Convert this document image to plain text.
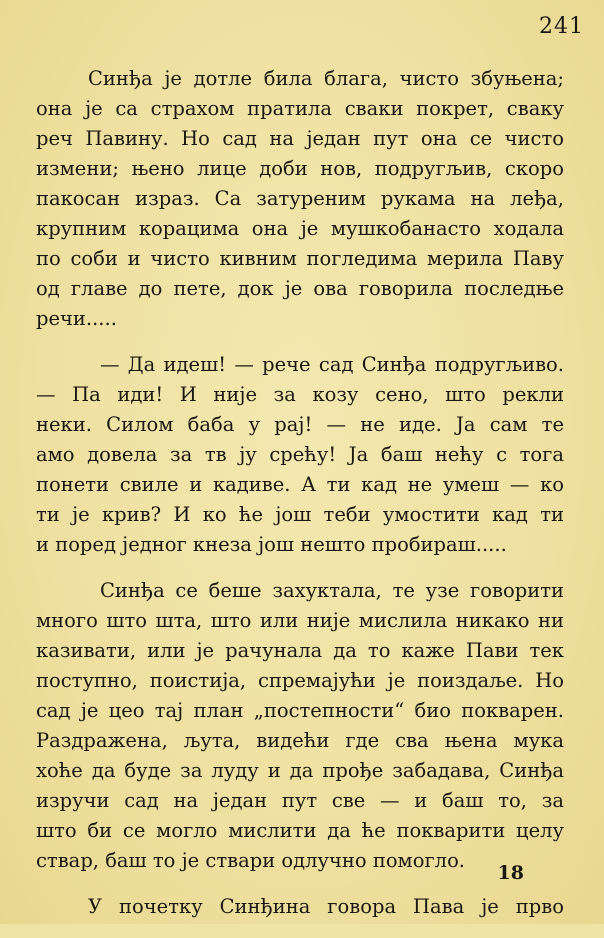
241
Синђа је дотле била блага, чисто збуњена;
она је са страхом пратила сваки покрет, сваку
реч Павину. Но сад на један пут она се чисто
измени; њено лице доби нов, подругљив, скоро
пакосан израз. Са затуреним рукама на леђа,
крупним корацима она је мушкобанасто ходала
по соби и чисто кивним погледима мерила Паву
од главе до пете, док је ова говорила последње
речи.....
— Да идеш! — рече сад Синђа подругљиво.
— Па иди! И није за козу сено, што рекли
неки. Силом баба у рај! — не иде. Ја сам те
амо довела за тв ју срећу! Ја баш нећу с тога
понети свиле и кадиве. А ти кад не умеш — ко
ти је крив? И ко ће још теби умостити кад ти
и поред једног кнеза још нешто пробираш.....
Синђа се беше захуктала, те узе говорити
много што шта, што или није мислила никако ни
казивати, или је рачунала да то каже Пави тек
поступно, поистија, спремајући је поиздаље. Но
сад је цео тај план „постепности“ био покварен.
Раздражена, љута, видећи где сва њена мука
хоће да буде за луду и да прође забадава, Синђа
изручи сад на један пут све — и баш то, за
што би се могло мислити да ће покварити целу
ствар, баш то је ствари одлучно помогло.
У почетку Синђина говора Пава је прво
18
